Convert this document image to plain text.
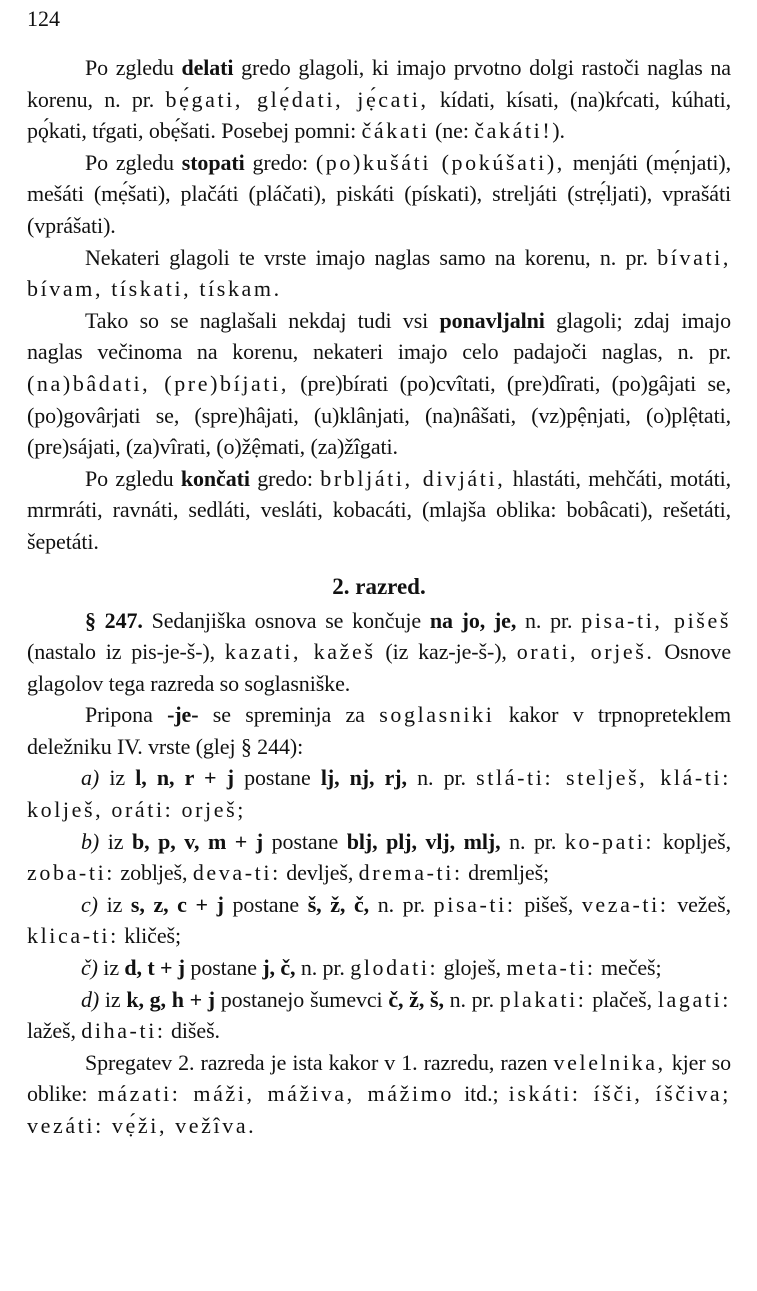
124

Po zgledu delati gredo glagoli, ki imajo prvotno dolgi rastoči naglas na korenu, n. pr. bẹ́gati, glẹ́dati, jẹ́cati, kídati, kísati, (na)kŕcati, kúhati, pǫ́kati, tŕgati, obẹ́šati. Posebej pomni: čákati (ne: čakáti!).

Po zgledu stopati gredo: (po)kušáti (pokúšati), menjáti (mẹ́njati), mešáti (mẹ́šati), plačáti (pláčati), piskáti (pískati), streljáti (strẹ́ljati), vprašáti (vprášati).

Nekateri glagoli te vrste imajo naglas samo na korenu, n. pr. bívati, bívam, tískati, tískam.

Tako so se naglašali nekdaj tudi vsi ponavljalni glagoli; zdaj imajo naglas večinoma na korenu, nekateri imajo celo padajoči naglas, n. pr. (na)bâdati, (pre)bíjati, (pre)bírati (po)cvîtati, (pre)dîrati, (po)gâjati se, (po)govârjati se, (spre)hâjati, (u)klânjati, (na)nâšati, (vz)pệnjati, (o)plệtati, (pre)sájati, (za)vîrati, (o)žệmati, (za)žîgati.

Po zgledu končati gredo: brbljáti, divjáti, hlastáti, mehčáti, motáti, mrmráti, ravnáti, sedláti, vesláti, kobacáti, (mlajša oblika: bobâcati), rešetáti, šepetáti.

2. razred.

§ 247. Sedanjiška osnova se končuje na jo, je, n. pr. pisa-ti, pišeš (nastalo iz pis-je-š-), kazati, kažeš (iz kaz-je-š-), orati, orješ. Osnove glagolov tega razreda so soglasniške.

Pripona -je- se spreminja za soglasniki kakor v trpnopreteklem deležniku IV. vrste (glej § 244):

a) iz l, n, r + j postane lj, nj, rj, n. pr. stlá-ti: stelješ, klá-ti: kolješ, oráti: orješ;

b) iz b, p, v, m + j postane blj, plj, vlj, mlj, n. pr. ko-pati: koplješ, zoba-ti: zoblješ, deva-ti: devlješ, drema-ti: dremlješ;

c) iz s, z, c + j postane š, ž, č, n. pr. pisa-ti: pišeš, veza-ti: vežeš, klica-ti: kličeš;

č) iz d, t + j postane j, č, n. pr. glodati: gloješ, meta-ti: mečeš;

d) iz k, g, h + j postanejo šumevci č, ž, š, n. pr. plakati: plačeš, lagati: lažeš, diha-ti: dišeš.

Spregatev 2. razreda je ista kakor v 1. razredu, razen velelnika, kjer so oblike: mázati: máži, máživa, mážimo itd.; iskáti: íšči, íščiva; vezáti: vẹ́ži, vežîva.
